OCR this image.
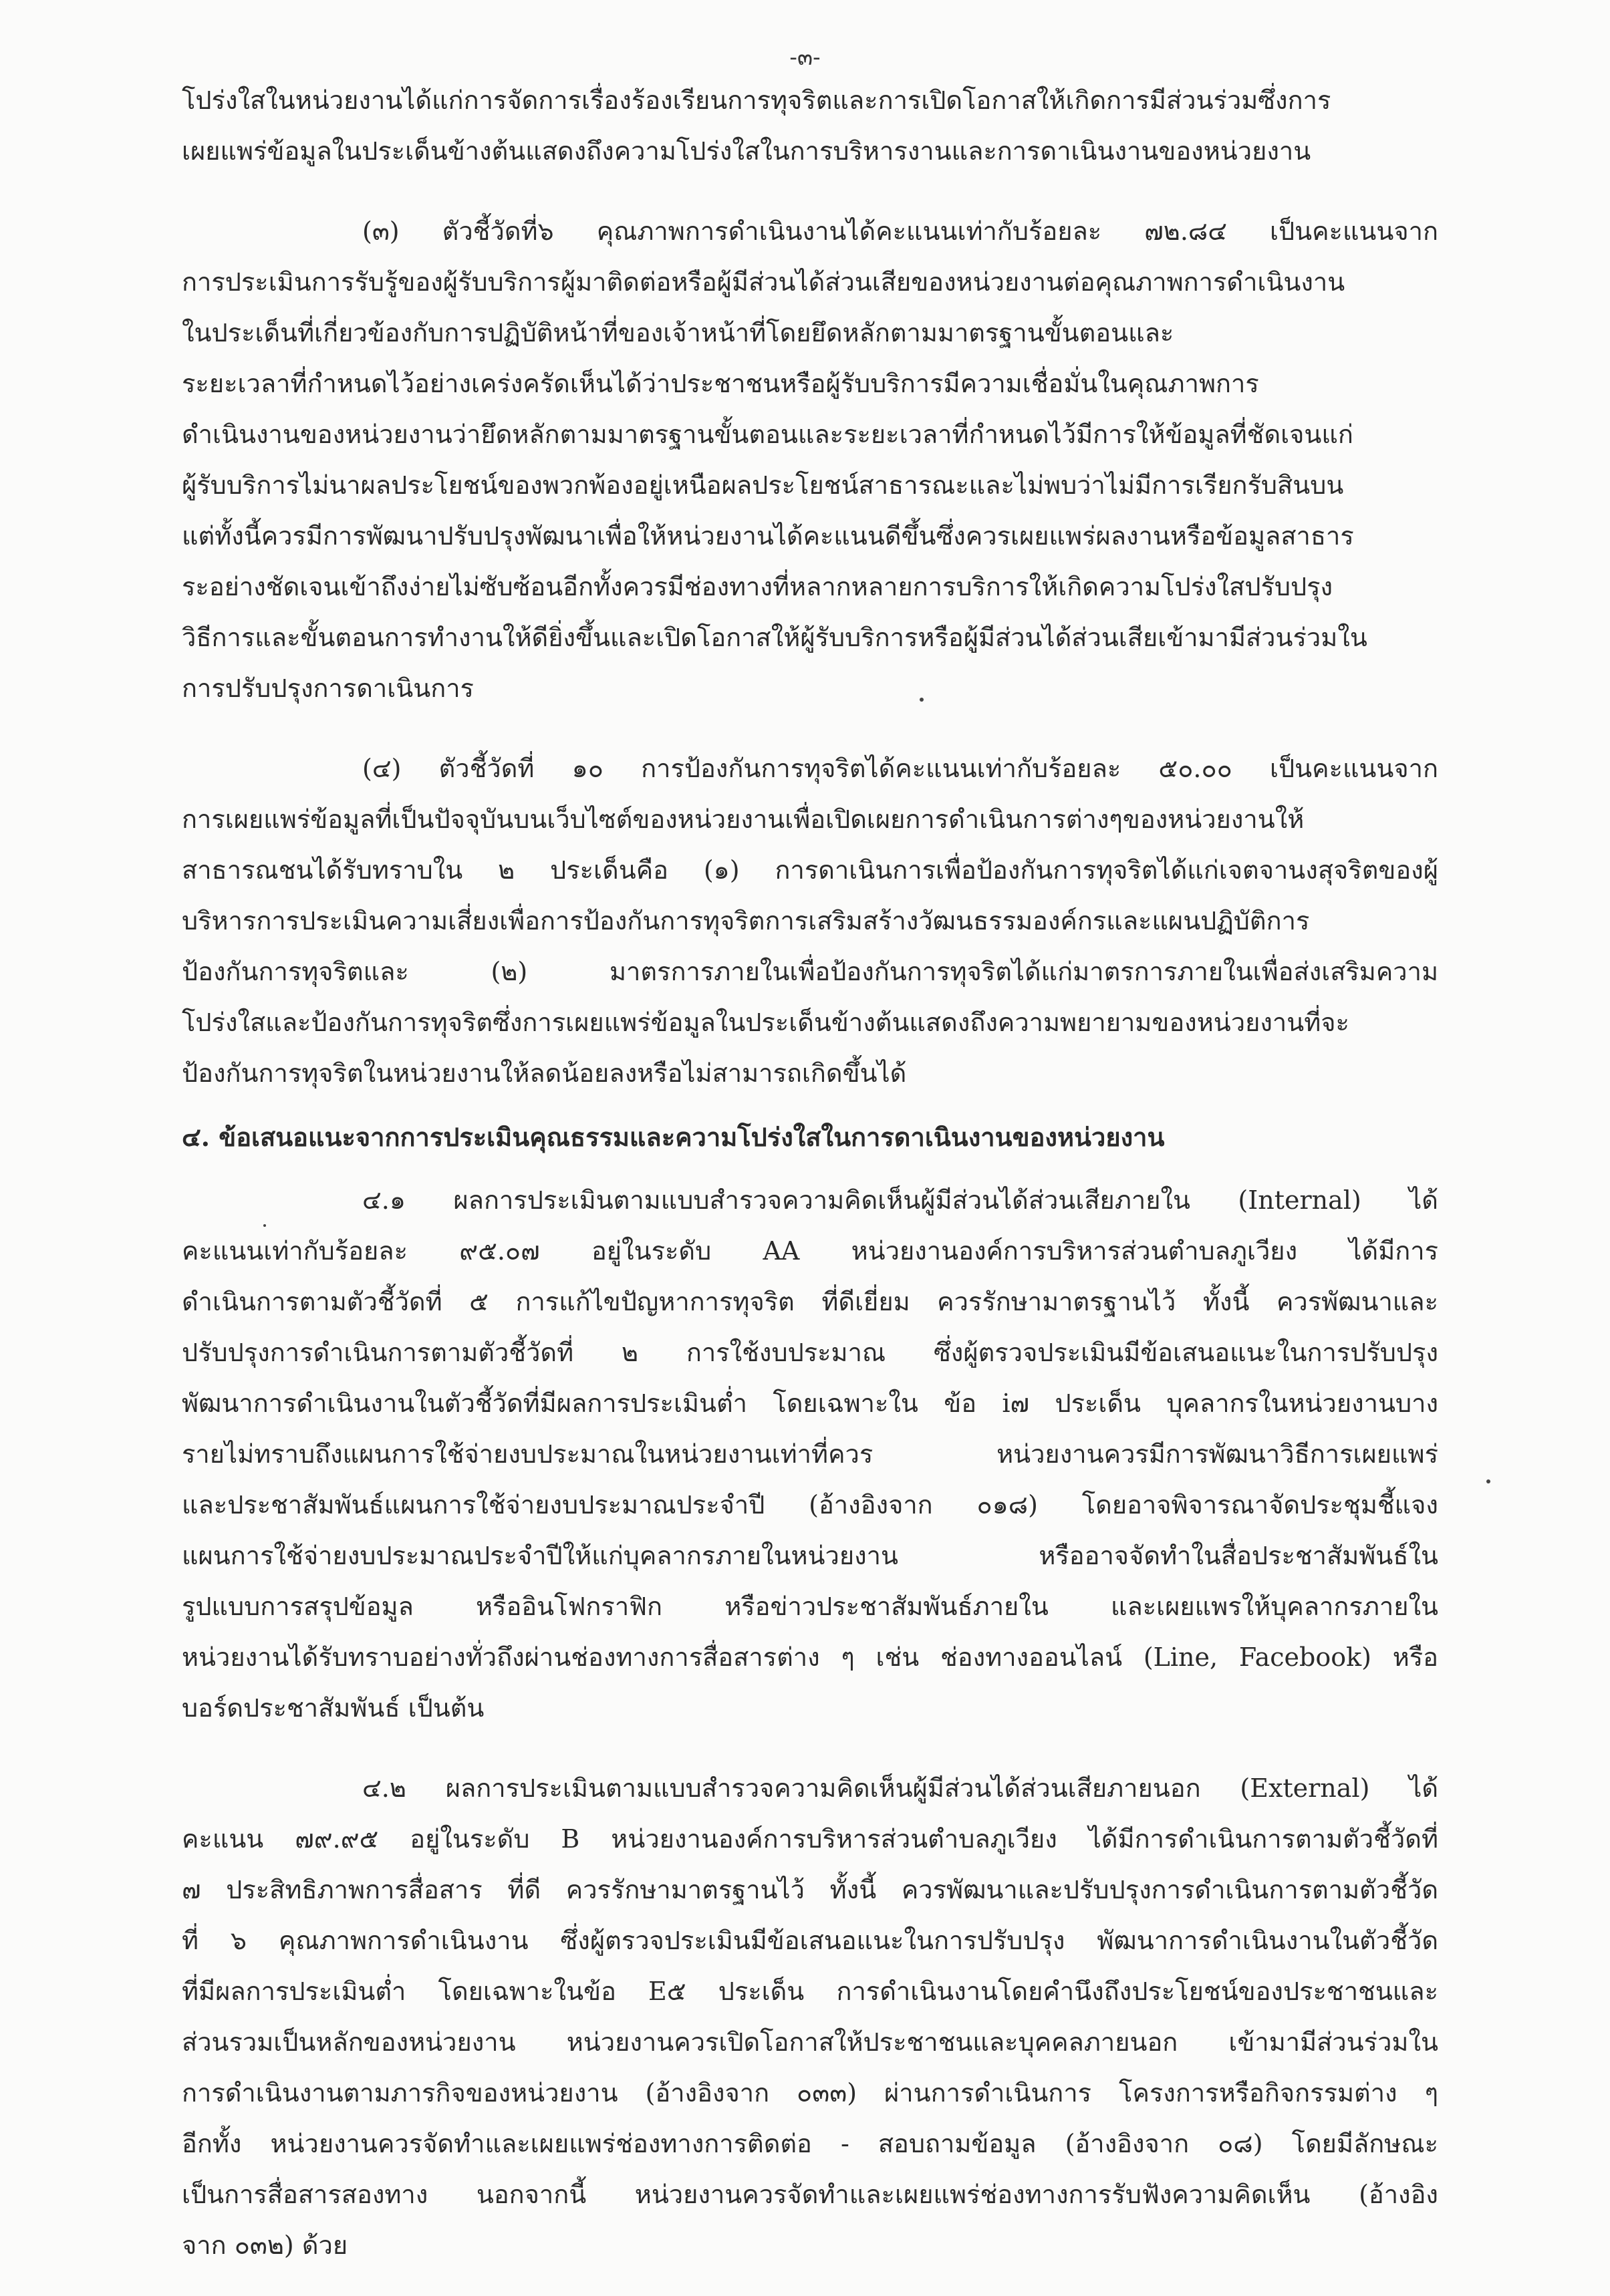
-๓-
โปร่งใสในหน่วยงานได้แก่การจัดการเรื่องร้องเรียนการทุจริตและการเปิดโอกาสให้เกิดการมีส่วนร่วมซึ่งการ
เผยแพร่ข้อมูลในประเด็นข้างต้นแสดงถึงความโปร่งใสในการบริหารงานและการดาเนินงานของหน่วยงาน
(๓) ตัวชี้วัดที่๖ คุณภาพการดำเนินงานได้คะแนนเท่ากับร้อยละ ๗๒.๘๔ เป็นคะแนนจาก
การประเมินการรับรู้ของผู้รับบริการผู้มาติดต่อหรือผู้มีส่วนได้ส่วนเสียของหน่วยงานต่อคุณภาพการดำเนินงาน
ในประเด็นที่เกี่ยวข้องกับการปฏิบัติหน้าที่ของเจ้าหน้าที่โดยยึดหลักตามมาตรฐานขั้นตอนและ
ระยะเวลาที่กำหนดไว้อย่างเคร่งครัดเห็นได้ว่าประชาชนหรือผู้รับบริการมีความเชื่อมั่นในคุณภาพการ
ดำเนินงานของหน่วยงานว่ายึดหลักตามมาตรฐานขั้นตอนและระยะเวลาที่กำหนดไว้มีการให้ข้อมูลที่ชัดเจนแก่
ผู้รับบริการไม่นาผลประโยชน์ของพวกพ้องอยู่เหนือผลประโยชน์สาธารณะและไม่พบว่าไม่มีการเรียกรับสินบน
แต่ทั้งนี้ควรมีการพัฒนาปรับปรุงพัฒนาเพื่อให้หน่วยงานได้คะแนนดีขึ้นซึ่งควรเผยแพร่ผลงานหรือข้อมูลสาธาร
ระอย่างชัดเจนเข้าถึงง่ายไม่ซับซ้อนอีกทั้งควรมีช่องทางที่หลากหลายการบริการให้เกิดความโปร่งใสปรับปรุง
วิธีการและขั้นตอนการทำงานให้ดียิ่งขึ้นและเปิดโอกาสให้ผู้รับบริการหรือผู้มีส่วนได้ส่วนเสียเข้ามามีส่วนร่วมใน
การปรับปรุงการดาเนินการ
(๔) ตัวชี้วัดที่ ๑๐ การป้องกันการทุจริตได้คะแนนเท่ากับร้อยละ ๕๐.๐๐ เป็นคะแนนจาก
การเผยแพร่ข้อมูลที่เป็นปัจจุบันบนเว็บไซต์ของหน่วยงานเพื่อเปิดเผยการดำเนินการต่างๆของหน่วยงานให้
สาธารณชนได้รับทราบใน ๒ ประเด็นคือ (๑) การดาเนินการเพื่อป้องกันการทุจริตได้แก่เจตจานงสุจริตของผู้
บริหารการประเมินความเสี่ยงเพื่อการป้องกันการทุจริตการเสริมสร้างวัฒนธรรมองค์กรและแผนปฏิบัติการ
ป้องกันการทุจริตและ (๒) มาตรการภายในเพื่อป้องกันการทุจริตได้แก่มาตรการภายในเพื่อส่งเสริมความ
โปร่งใสและป้องกันการทุจริตซึ่งการเผยแพร่ข้อมูลในประเด็นข้างต้นแสดงถึงความพยายามของหน่วยงานที่จะ
ป้องกันการทุจริตในหน่วยงานให้ลดน้อยลงหรือไม่สามารถเกิดขึ้นได้
๔. ข้อเสนอแนะจากการประเมินคุณธรรมและความโปร่งใสในการดาเนินงานของหน่วยงาน
๔.๑ ผลการประเมินตามแบบสำรวจความคิดเห็นผู้มีส่วนได้ส่วนเสียภายใน (Internal) ได้
คะแนนเท่ากับร้อยละ ๙๕.๐๗ อยู่ในระดับ AA หน่วยงานองค์การบริหารส่วนตำบลภูเวียง ได้มีการ
ดำเนินการตามตัวชี้วัดที่ ๕ การแก้ไขปัญหาการทุจริต ที่ดีเยี่ยม ควรรักษามาตรฐานไว้ ทั้งนี้ ควรพัฒนาและ
ปรับปรุงการดำเนินการตามตัวชี้วัดที่ ๒ การใช้งบประมาณ ซึ่งผู้ตรวจประเมินมีข้อเสนอแนะในการปรับปรุง
พัฒนาการดำเนินงานในตัวชี้วัดที่มีผลการประเมินต่ำ โดยเฉพาะใน ข้อ i๗ ประเด็น บุคลากรในหน่วยงานบาง
รายไม่ทราบถึงแผนการใช้จ่ายงบประมาณในหน่วยงานเท่าที่ควร หน่วยงานควรมีการพัฒนาวิธีการเผยแพร่
และประชาสัมพันธ์แผนการใช้จ่ายงบประมาณประจำปี (อ้างอิงจาก ๐๑๘) โดยอาจพิจารณาจัดประชุมชี้แจง
แผนการใช้จ่ายงบประมาณประจำปีให้แก่บุคลากรภายในหน่วยงาน หรืออาจจัดทำในสื่อประชาสัมพันธ์ใน
รูปแบบการสรุปข้อมูล หรืออินโฟกราฟิก หรือข่าวประชาสัมพันธ์ภายใน และเผยแพรให้บุคลากรภายใน
หน่วยงานได้รับทราบอย่างทั่วถึงผ่านช่องทางการสื่อสารต่าง ๆ เช่น ช่องทางออนไลน์ (Line, Facebook) หรือ
บอร์ดประชาสัมพันธ์ เป็นต้น
๔.๒ ผลการประเมินตามแบบสำรวจความคิดเห็นผู้มีส่วนได้ส่วนเสียภายนอก (External) ได้
คะแนน ๗๙.๙๕ อยู่ในระดับ B หน่วยงานองค์การบริหารส่วนตำบลภูเวียง ได้มีการดำเนินการตามตัวชี้วัดที่
๗ ประสิทธิภาพการสื่อสาร ที่ดี ควรรักษามาตรฐานไว้ ทั้งนี้ ควรพัฒนาและปรับปรุงการดำเนินการตามตัวชี้วัด
ที่ ๖ คุณภาพการดำเนินงาน ซึ่งผู้ตรวจประเมินมีข้อเสนอแนะในการปรับปรุง พัฒนาการดำเนินงานในตัวชี้วัด
ที่มีผลการประเมินต่ำ โดยเฉพาะในข้อ E๕ ประเด็น การดำเนินงานโดยคำนึงถึงประโยชน์ของประชาชนและ
ส่วนรวมเป็นหลักของหน่วยงาน หน่วยงานควรเปิดโอกาสให้ประชาชนและบุคคลภายนอก เข้ามามีส่วนร่วมใน
การดำเนินงานตามภารกิจของหน่วยงาน (อ้างอิงจาก ๐๓๓) ผ่านการดำเนินการ โครงการหรือกิจกรรมต่าง ๆ
อีกทั้ง หน่วยงานควรจัดทำและเผยแพร่ช่องทางการติดต่อ - สอบถามข้อมูล (อ้างอิงจาก ๐๘) โดยมีลักษณะ
เป็นการสื่อสารสองทาง นอกจากนี้ หน่วยงานควรจัดทำและเผยแพร่ช่องทางการรับฟังความคิดเห็น (อ้างอิง
จาก ๐๓๒) ด้วย
